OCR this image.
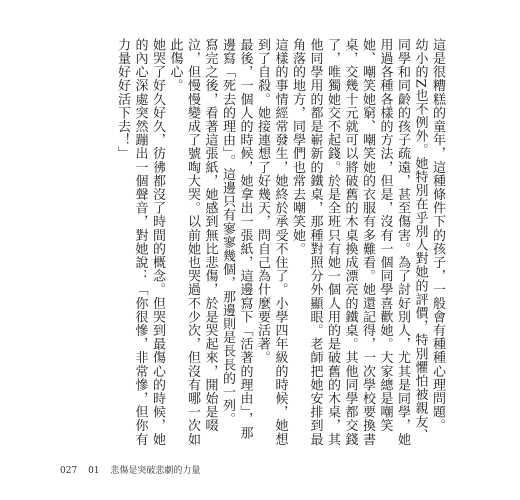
這是很糟糕的童年，這種條件下的孩子，一般會有種種心理問題。

幼小的Z也不例外。她特別在乎別人對她的評價，特別懼怕被親友、同學和同齡的孩子疏遠，甚至傷害。為了討好別人，尤其是同學，她用過各種各樣的方法，但是，沒有一個同學喜歡她。大家總是嘲笑她、嘲笑她窮、嘲笑她的衣服有多難看。她還記得，一次學校要換書桌，交幾十元就可以將破舊的木桌換成漂亮的鐵桌。其他同學都交錢了，唯獨她交不起錢。於是全班只有她一個人用的是破舊的木桌，其他同學用的都是嶄新的鐵桌，那種對照分外顯眼。老師把她安排到最角落的地方，同學們也常去嘲笑她。

這樣的事情經常發生，她終於承受不住了。小學四年級的時候，她想到了自殺。她接連想了好幾天，問自己為什麼要活著。

最後，一個人的時候，她拿出一張紙，這邊寫下「活著的理由」，那邊寫「死去的理由」。這邊只有寥寥幾個，那邊則是長長的一列。

寫完之後，看著這張紙，她感到無比悲傷，於是哭起來，開始是啜泣，但慢慢變成了號啕大哭。以前她也哭過不少次，但沒有哪一次如此傷心。

她哭了好久好久，彷彿都沒了時間的概念。但哭到最傷心的時候，她的內心深處突然蹦出一個聲音，對她說：「你很慘，非常慘，但你有力量好好活下去！」

027 01 悲傷是突破悲劇的力量
